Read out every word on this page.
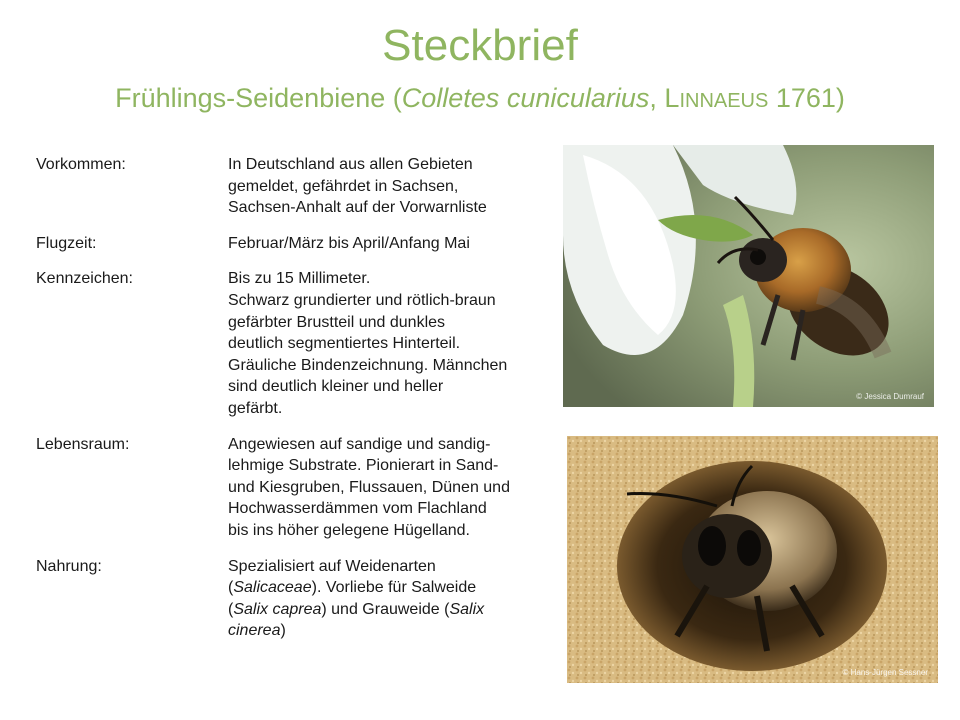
Steckbrief
Frühlings-Seidenbiene (Colletes cunicularius, LINNAEUS 1761)
Vorkommen:	In Deutschland aus allen Gebieten
gemeldet, gefährdet in Sachsen,
Sachsen-Anhalt auf der Vorwarnliste
Flugzeit:	Februar/März bis April/Anfang Mai
Kennzeichen:	Bis zu 15 Millimeter.
Schwarz grundierter und rötlich-braun
gefärbter Brustteil und dunkles
deutlich segmentiertes Hinterteil.
Gräuliche Bindenzeichnung. Männchen
sind deutlich kleiner und heller
gefärbt.
Lebensraum:	Angewiesen auf sandige und sandig-
lehmige Substrate. Pionierart in Sand-
und Kiesgruben, Flussauen, Dünen und
Hochwasserdämmen vom Flachland
bis ins höher gelegene Hügelland.
Nahrung:	Spezialisiert auf Weidenarten
(Salicaceae). Vorliebe für Salweide
(Salix caprea) und Grauweide (Salix
cinerea)
© Jessica Dumrauf
© Hans-Jürgen Sessner
